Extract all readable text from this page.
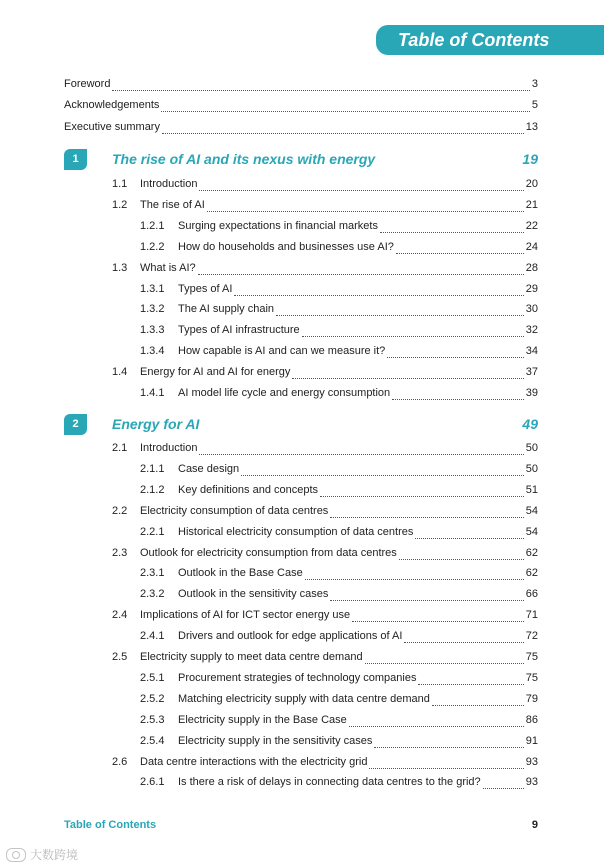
Table of Contents
Foreword	3
Acknowledgements	5
Executive summary	13
1	The rise of AI and its nexus with energy	19
1.1	Introduction	20
1.2	The rise of AI	21
1.2.1	Surging expectations in financial markets	22
1.2.2	How do households and businesses use AI?	24
1.3	What is AI?	28
1.3.1	Types of AI	29
1.3.2	The AI supply chain	30
1.3.3	Types of AI infrastructure	32
1.3.4	How capable is AI and can we measure it?	34
1.4	Energy for AI and AI for energy	37
1.4.1	AI model life cycle and energy consumption	39
2	Energy for AI	49
2.1	Introduction	50
2.1.1	Case design	50
2.1.2	Key definitions and concepts	51
2.2	Electricity consumption of data centres	54
2.2.1	Historical electricity consumption of data centres	54
2.3	Outlook for electricity consumption from data centres	62
2.3.1	Outlook in the Base Case	62
2.3.2	Outlook in the sensitivity cases	66
2.4	Implications of AI for ICT sector energy use	71
2.4.1	Drivers and outlook for edge applications of AI	72
2.5	Electricity supply to meet data centre demand	75
2.5.1	Procurement strategies of technology companies	75
2.5.2	Matching electricity supply with data centre demand	79
2.5.3	Electricity supply in the Base Case	86
2.5.4	Electricity supply in the sensitivity cases	91
2.6	Data centre interactions with the electricity grid	93
2.6.1	Is there a risk of delays in connecting data centres to the grid?	93
Table of Contents	9
大数跨境
